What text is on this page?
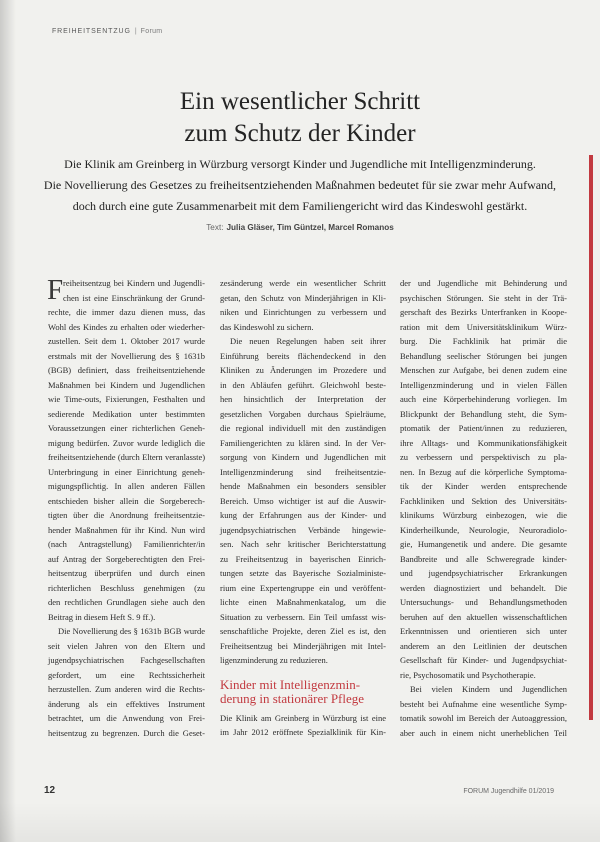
FREIHEITSENTZUG | Forum
Ein wesentlicher Schritt
zum Schutz der Kinder
Die Klinik am Greinberg in Würzburg versorgt Kinder und Jugendliche mit Intelligenzminderung.
Die Novellierung des Gesetzes zu freiheitsentziehenden Maßnahmen bedeutet für sie zwar mehr Aufwand,
doch durch eine gute Zusammenarbeit mit dem Familiengericht wird das Kindeswohl gestärkt.
Text: Julia Gläser, Tim Güntzel, Marcel Romanos
F reiheitsentzug bei Kindern und Jugendli-
chen ist eine Einschränkung der Grund-
rechte, die immer dazu dienen muss, das
Wohl des Kindes zu erhalten oder wiederher-
zustellen. Seit dem 1. Oktober 2017 wurde
erstmals mit der Novellierung des § 1631b
(BGB) definiert, dass freiheitsentziehende
Maßnahmen bei Kindern und Jugendlichen
wie Time-outs, Fixierungen, Festhalten und
sedierende Medikation unter bestimmten
Voraussetzungen einer richterlichen Geneh-
migung bedürfen. Zuvor wurde lediglich die
freiheitsentziehende (durch Eltern veranlasste)
Unterbringung in einer Einrichtung geneh-
migungspflichtig. In allen anderen Fällen
entschieden bisher allein die Sorgeberech-
tigten über die Anordnung freiheitsentzie-
hender Maßnahmen für ihr Kind. Nun wird
(nach Antragstellung) Familienrichter/in
auf Antrag der Sorgeberechtigten den Frei-
heitsentzug überprüfen und durch einen
richterlichen Beschluss genehmigen (zu
den rechtlichen Grundlagen siehe auch den
Beitrag in diesem Heft S. 9 ff.).
Die Novellierung des § 1631b BGB wurde
seit vielen Jahren von den Eltern und
jugendpsychiatrischen Fachgesellschaften
gefordert, um eine Rechtssicherheit
herzustellen. Zum anderen wird die Rechts-
änderung als ein effektives Instrument
betrachtet, um die Anwendung von Frei-
heitsentzug zu begrenzen. Durch die Geset-
zesänderung werde ein wesentlicher Schritt
getan, den Schutz von Minderjährigen in Kli-
niken und Einrichtungen zu verbessern und
das Kindeswohl zu sichern.
Die neuen Regelungen haben seit ihrer
Einführung bereits flächendeckend in den
Kliniken zu Änderungen im Prozedere und
in den Abläufen geführt. Gleichwohl beste-
hen hinsichtlich der Interpretation der
gesetzlichen Vorgaben durchaus Spielräume,
die regional individuell mit den zuständigen
Familiengerichten zu klären sind. In der Ver-
sorgung von Kindern und Jugendlichen mit
Intelligenzminderung sind freiheitsentzie-
hende Maßnahmen ein besonders sensibler
Bereich. Umso wichtiger ist auf die Auswir-
kung der Erfahrungen aus der Kinder- und
jugendpsychiatrischen Verbände hingewie-
sen. Nach sehr kritischer Berichterstattung
zu Freiheitsentzug in bayerischen Einrich-
tungen setzte das Bayerische Sozialministe-
rium eine Expertengruppe ein und veröffent-
lichte einen Maßnahmenkatalog, um die
Situation zu verbessern. Ein Teil umfasst wis-
senschaftliche Projekte, deren Ziel es ist, den
Freiheitsentzug bei Minderjährigen mit Intel-
ligenzminderung zu reduzieren.
Kinder mit Intelligenzmin-
derung in stationärer Pflege
Die Klinik am Greinberg in Würzburg ist eine
im Jahr 2012 eröffnete Spezialklinik für Kin-
der und Jugendliche mit Behinderung und
psychischen Störungen. Sie steht in der Trä-
gerschaft des Bezirks Unterfranken in Koope-
ration mit dem Universitätsklinikum Würz-
burg. Die Fachklinik hat primär die
Behandlung seelischer Störungen bei jungen
Menschen zur Aufgabe, bei denen zudem eine
Intelligenzminderung und in vielen Fällen
auch eine Körperbehinderung vorliegen. Im
Blickpunkt der Behandlung steht, die Sym-
ptomatik der Patient/innen zu reduzieren,
ihre Alltags- und Kommunikationsfähigkeit
zu verbessern und perspektivisch zu pla-
nen. In Bezug auf die körperliche Symptoma-
tik der Kinder werden entsprechende
Fachkliniken und Sektion des Universitäts-
klinikums Würzburg einbezogen, wie die
Kinderheilkunde, Neurologie, Neuroradiolo-
gie, Humangenetik und andere. Die gesamte
Bandbreite und alle Schweregrade kinder-
und jugendpsychiatrischer Erkrankungen
werden diagnostiziert und behandelt. Die
Untersuchungs- und Behandlungsmethoden
beruhen auf den aktuellen wissenschaftlichen
Erkenntnissen und orientieren sich unter
anderem an den Leitlinien der deutschen
Gesellschaft für Kinder- und Jugendpsychiat-
rie, Psychosomatik und Psychotherapie.
Bei vielen Kindern und Jugendlichen
besteht bei Aufnahme eine wesentliche Symp-
tomatik sowohl im Bereich der Autoaggression,
aber auch in einem nicht unerheblichen Teil
12	FORUM Jugendhilfe 01/2019
